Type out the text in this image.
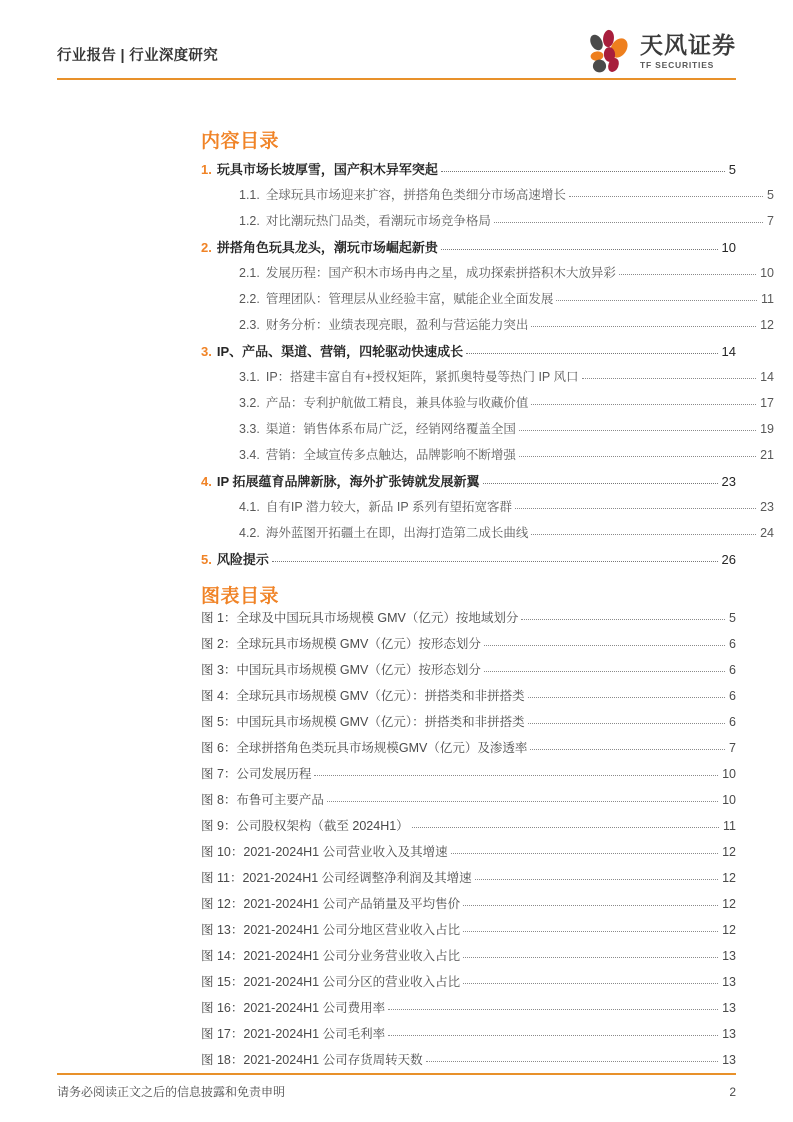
行业报告 | 行业深度研究	天风证券
TF SECURITIES
内容目录
1. 玩具市场长坡厚雪，国产积木异军突起	5
1.1. 全球玩具市场迎来扩容，拼搭角色类细分市场高速增长	5
1.2. 对比潮玩热门品类，看潮玩市场竞争格局	7
2. 拼搭角色玩具龙头，潮玩市场崛起新贵	10
2.1. 发展历程：国产积木市场冉冉之星，成功探索拼搭积木大放异彩	10
2.2. 管理团队：管理层从业经验丰富，赋能企业全面发展	11
2.3. 财务分析：业绩表现亮眼，盈利与营运能力突出	12
3. IP、产品、渠道、营销，四轮驱动快速成长	14
3.1. IP：搭建丰富自有+授权矩阵，紧抓奥特曼等热门 IP 风口	14
3.2. 产品：专利护航做工精良，兼具体验与收藏价值	17
3.3. 渠道：销售体系布局广泛，经销网络覆盖全国	19
3.4. 营销：全域宣传多点触达，品牌影响不断增强	21
4. IP 拓展蕴育品牌新脉，海外扩张铸就发展新翼	23
4.1. 自有IP 潜力较大，新品 IP 系列有望拓宽客群	23
4.2. 海外蓝图开拓疆土在即，出海打造第二成长曲线	24
5. 风险提示	26
图表目录
图 1：全球及中国玩具市场规模 GMV（亿元）按地域划分	5
图 2：全球玩具市场规模 GMV（亿元）按形态划分	6
图 3：中国玩具市场规模 GMV（亿元）按形态划分	6
图 4：全球玩具市场规模 GMV（亿元）：拼搭类和非拼搭类	6
图 5：中国玩具市场规模 GMV（亿元）：拼搭类和非拼搭类	6
图 6：全球拼搭角色类玩具市场规模GMV（亿元）及渗透率	7
图 7：公司发展历程	10
图 8：布鲁可主要产品	10
图 9：公司股权架构（截至 2024H1）	11
图 10：2021-2024H1 公司营业收入及其增速	12
图 11：2021-2024H1 公司经调整净利润及其增速	12
图 12：2021-2024H1 公司产品销量及平均售价	12
图 13：2021-2024H1 公司分地区营业收入占比	12
图 14：2021-2024H1 公司分业务营业收入占比	13
图 15：2021-2024H1 公司分区的营业收入占比	13
图 16：2021-2024H1 公司费用率	13
图 17：2021-2024H1 公司毛利率	13
图 18：2021-2024H1 公司存货周转天数	13
请务必阅读正文之后的信息披露和免责申明	2
